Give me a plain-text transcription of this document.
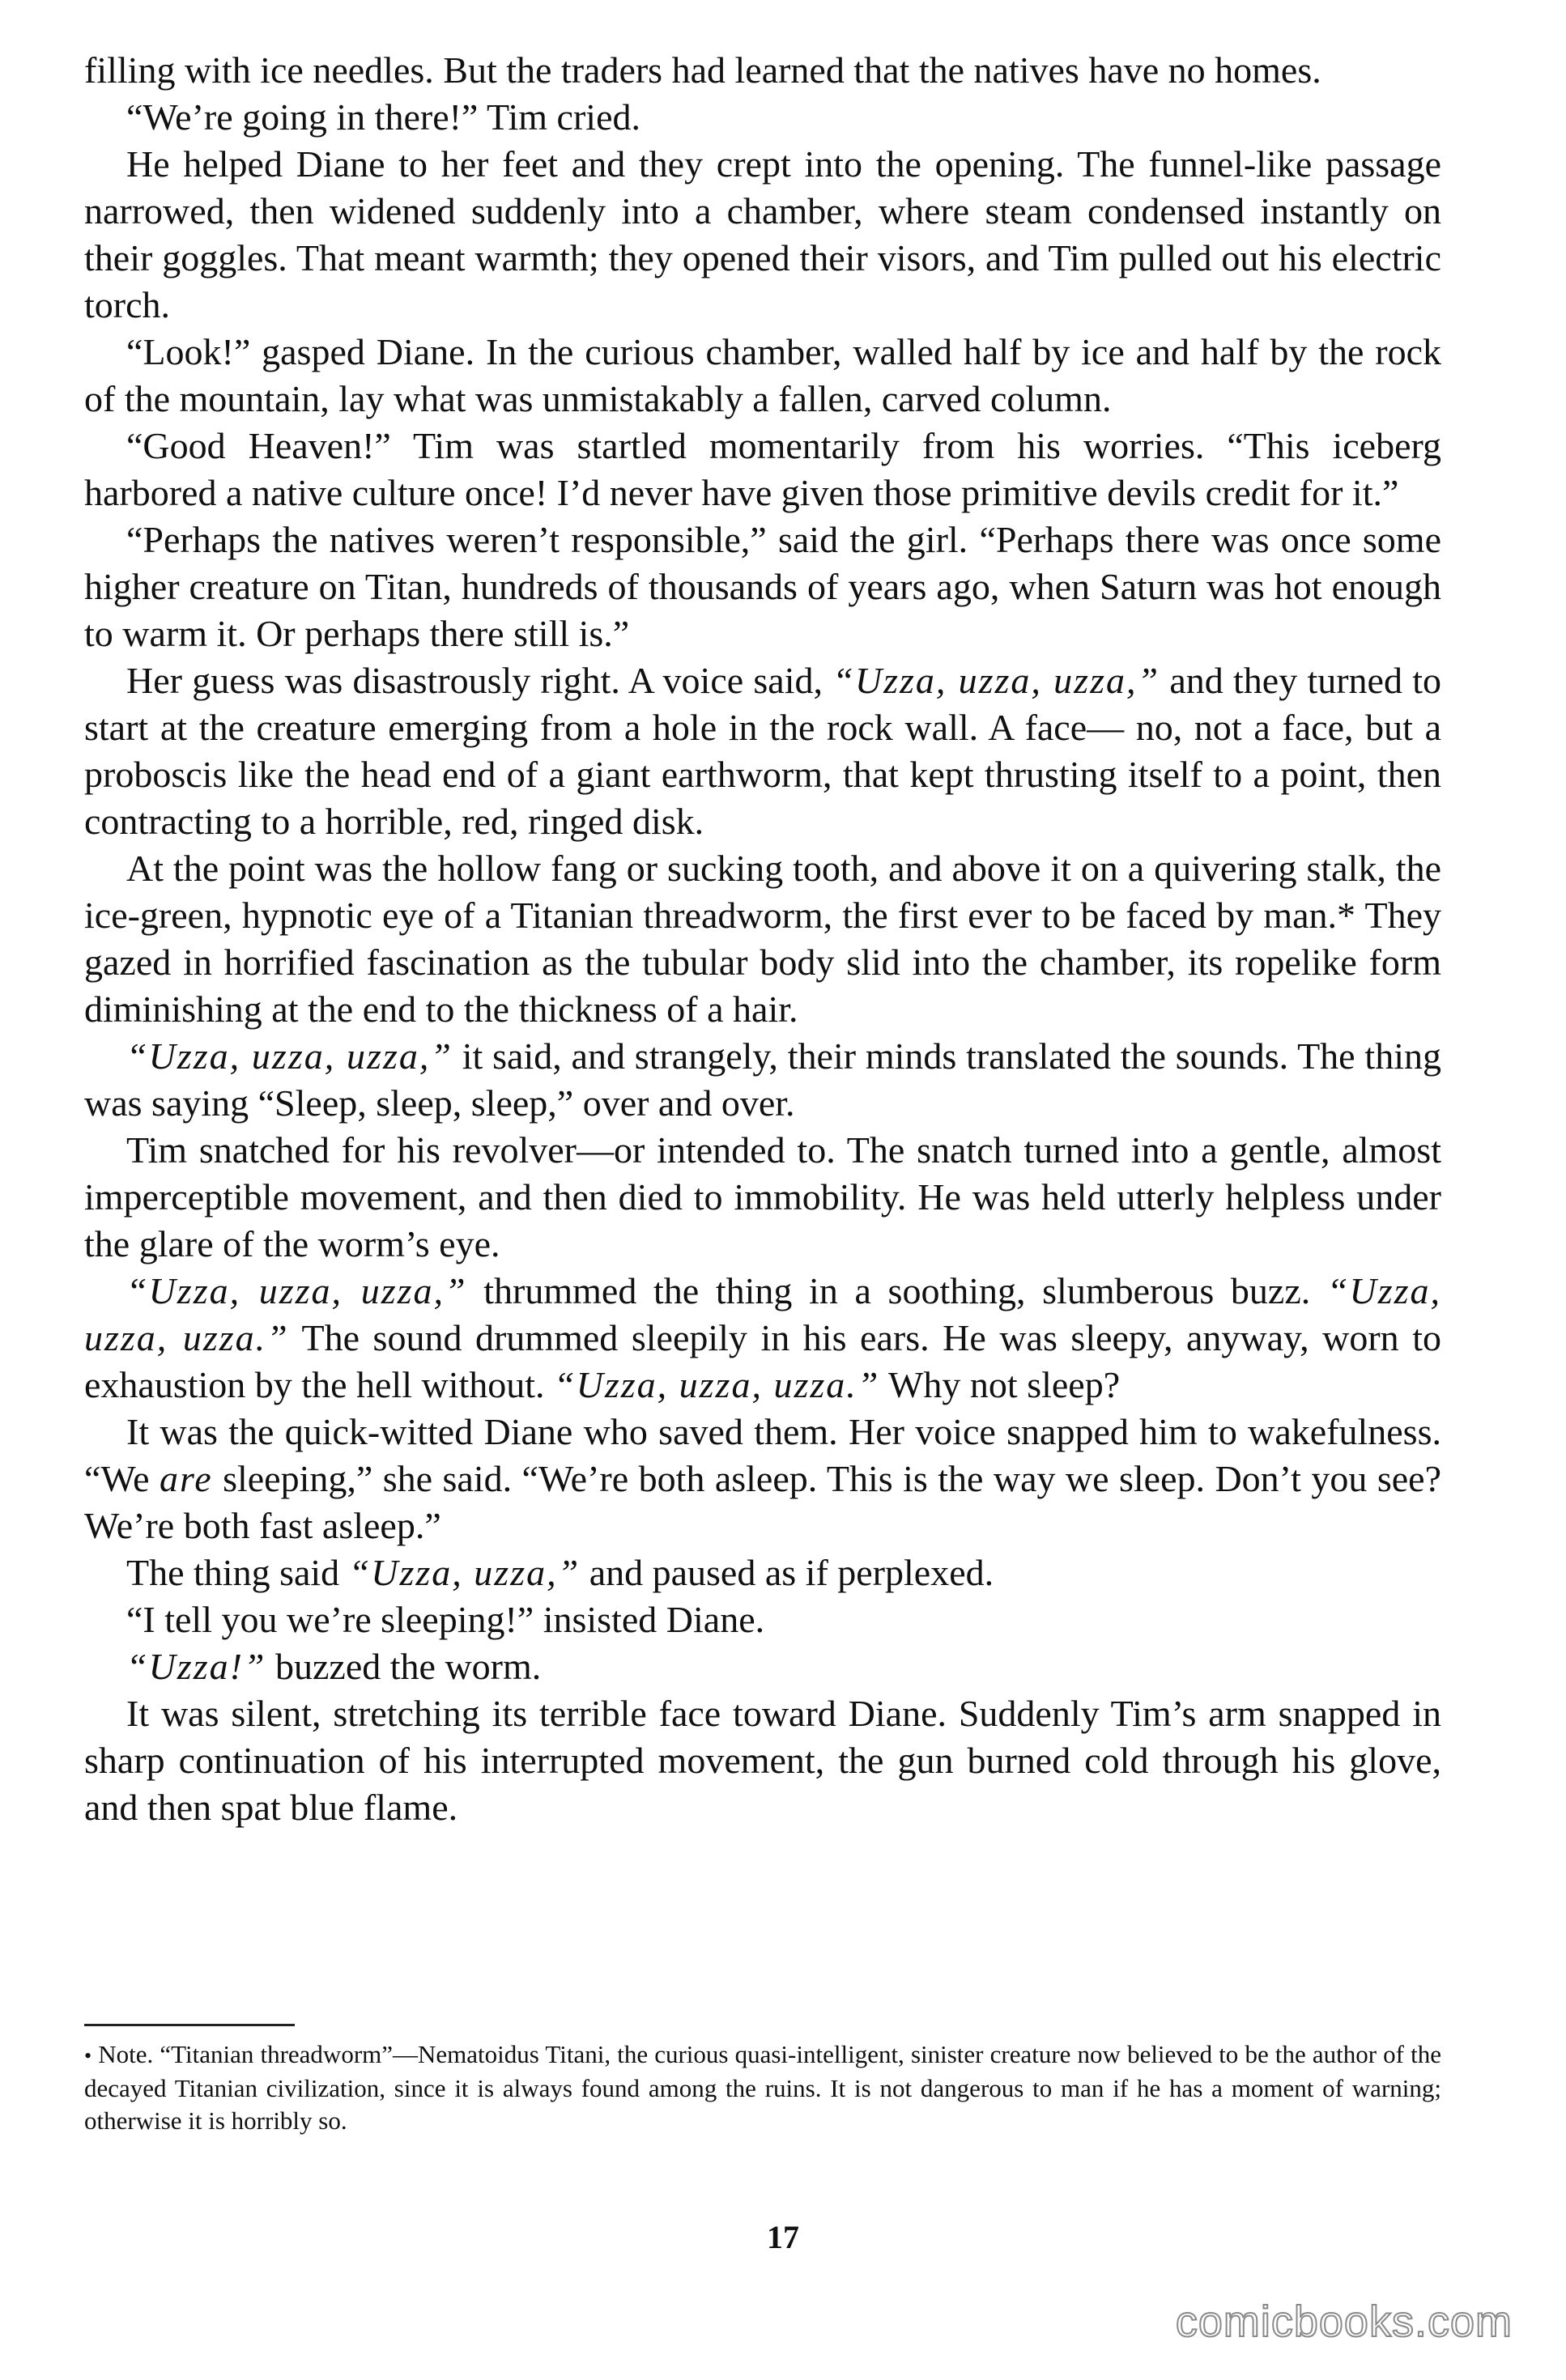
filling with ice needles. But the traders had learned that the natives have no homes.

“We’re going in there!” Tim cried.

He helped Diane to her feet and they crept into the opening. The funnel-like passage narrowed, then widened suddenly into a chamber, where steam condensed instantly on their goggles. That meant warmth; they opened their visors, and Tim pulled out his electric torch.

“Look!” gasped Diane. In the curious chamber, walled half by ice and half by the rock of the mountain, lay what was unmistakably a fallen, carved column.

“Good Heaven!” Tim was startled momentarily from his worries. “This iceberg harbored a native culture once! I’d never have given those primitive devils credit for it.”

“Perhaps the natives weren’t responsible,” said the girl. “Perhaps there was once some higher creature on Titan, hundreds of thousands of years ago, when Saturn was hot enough to warm it. Or perhaps there still is.”

Her guess was disastrously right. A voice said, “Uzza, uzza, uzza,” and they turned to start at the creature emerging from a hole in the rock wall. A face— no, not a face, but a proboscis like the head end of a giant earthworm, that kept thrusting itself to a point, then contracting to a horrible, red, ringed disk.

At the point was the hollow fang or sucking tooth, and above it on a quivering stalk, the ice-green, hypnotic eye of a Titanian threadworm, the first ever to be faced by man.* They gazed in horrified fascination as the tubular body slid into the chamber, its ropelike form diminishing at the end to the thickness of a hair.

“Uzza, uzza, uzza,” it said, and strangely, their minds translated the sounds. The thing was saying “Sleep, sleep, sleep,” over and over.

Tim snatched for his revolver—or intended to. The snatch turned into a gentle, almost imperceptible movement, and then died to immobility. He was held utterly helpless under the glare of the worm’s eye.

“Uzza, uzza, uzza,” thrummed the thing in a soothing, slumberous buzz. “Uzza, uzza, uzza.” The sound drummed sleepily in his ears. He was sleepy, anyway, worn to exhaustion by the hell without. “Uzza, uzza, uzza.” Why not sleep?

It was the quick-witted Diane who saved them. Her voice snapped him to wakefulness. “We are sleeping,” she said. “We’re both asleep. This is the way we sleep. Don’t you see? We’re both fast asleep.”

The thing said “Uzza, uzza,” and paused as if perplexed.

“I tell you we’re sleeping!” insisted Diane.

“Uzza!” buzzed the worm.

It was silent, stretching its terrible face toward Diane. Suddenly Tim’s arm snapped in sharp continuation of his interrupted movement, the gun burned cold through his glove, and then spat blue flame.

• Note. “Titanian threadworm”—Nematoidus Titani, the curious quasi-intelligent, sinister creature now believed to be the author of the decayed Titanian civilization, since it is always found among the ruins. It is not dangerous to man if he has a moment of warning; otherwise it is horribly so.
17
comicbooks.com
